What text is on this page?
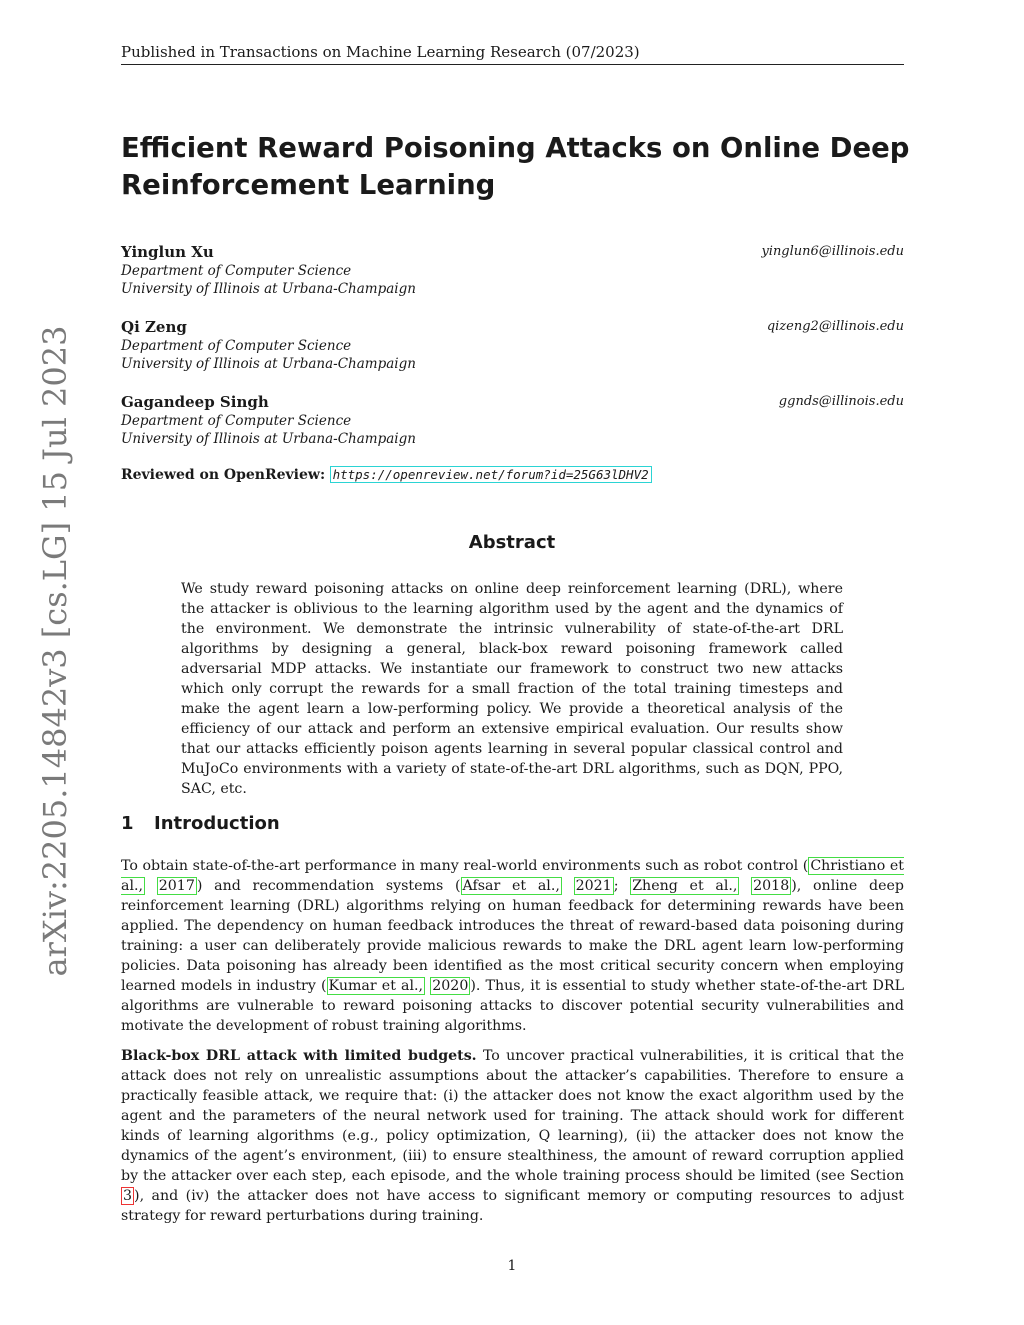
Published in Transactions on Machine Learning Research (07/2023)
Efficient Reward Poisoning Attacks on Online Deep Reinforcement Learning
Yinglun Xu	yinglun6@illinois.edu
Department of Computer Science
University of Illinois at Urbana-Champaign
Qi Zeng	qizeng2@illinois.edu
Department of Computer Science
University of Illinois at Urbana-Champaign
Gagandeep Singh	ggnds@illinois.edu
Department of Computer Science
University of Illinois at Urbana-Champaign
Reviewed on OpenReview: https://openreview.net/forum?id=25G63lDHV2
Abstract

We study reward poisoning attacks on online deep reinforcement learning (DRL), where the attacker is oblivious to the learning algorithm used by the agent and the dynamics of the environment. We demonstrate the intrinsic vulnerability of state-of-the-art DRL algorithms by designing a general, black-box reward poisoning framework called adversarial MDP attacks. We instantiate our framework to construct two new attacks which only corrupt the rewards for a small fraction of the total training timesteps and make the agent learn a low-performing policy. We provide a theoretical analysis of the efficiency of our attack and perform an extensive empirical evaluation. Our results show that our attacks efficiently poison agents learning in several popular classical control and MuJoCo environments with a variety of state-of-the-art DRL algorithms, such as DQN, PPO, SAC, etc.

1 Introduction

To obtain state-of-the-art performance in many real-world environments such as robot control ( Christiano et al., 2017 ) and recommendation systems ( Afsar et al., 2021 ; Zheng et al., 2018 ), online deep reinforcement learning (DRL) algorithms relying on human feedback for determining rewards have been applied. The dependency on human feedback introduces the threat of reward-based data poisoning during training: a user can deliberately provide malicious rewards to make the DRL agent learn low-performing policies. Data poisoning has already been identified as the most critical security concern when employing learned models in industry ( Kumar et al., 2020 ). Thus, it is essential to study whether state-of-the-art DRL algorithms are vulnerable to reward poisoning attacks to discover potential security vulnerabilities and motivate the development of robust training algorithms.

Black-box DRL attack with limited budgets. To uncover practical vulnerabilities, it is critical that the attack does not rely on unrealistic assumptions about the attacker’s capabilities. Therefore to ensure a practically feasible attack, we require that: (i) the attacker does not know the exact algorithm used by the agent and the parameters of the neural network used for training. The attack should work for different kinds of learning algorithms (e.g., policy optimization, Q learning), (ii) the attacker does not know the dynamics of the agent’s environment, (iii) to ensure stealthiness, the amount of reward corruption applied by the attacker over each step, each episode, and the whole training process should be limited (see Section 3 ), and (iv) the attacker does not have access to significant memory or computing resources to adjust strategy for reward perturbations during training.

arXiv:2205.14842v3 [cs.LG] 15 Jul 2023
1
